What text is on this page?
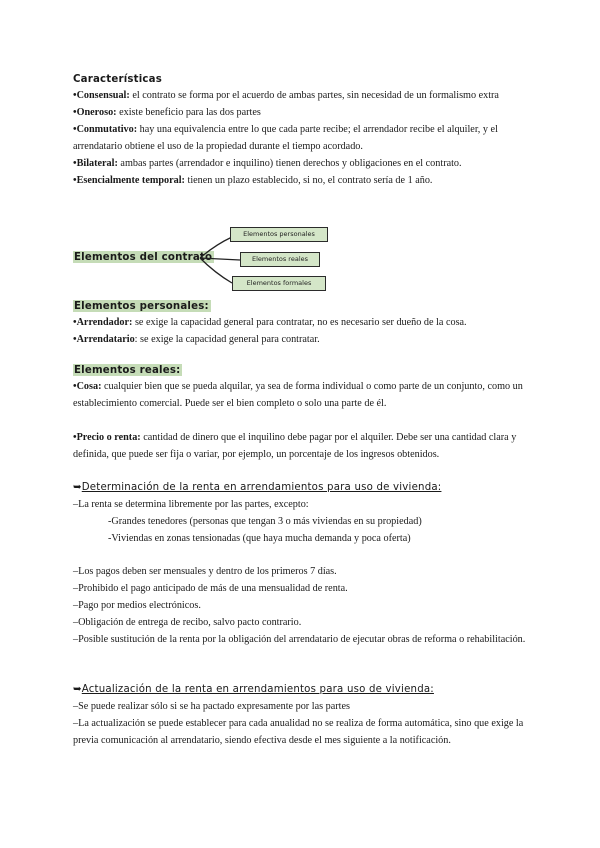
Características
•Consensual: el contrato se forma por el acuerdo de ambas partes, sin necesidad de un formalismo extra
•Oneroso: existe beneficio para las dos partes
•Conmutativo: hay una equivalencia entre lo que cada parte recibe; el arrendador recibe el alquiler, y el arrendatario obtiene el uso de la propiedad durante el tiempo acordado.
•Bilateral: ambas partes (arrendador e inquilino) tienen derechos y obligaciones en el contrato.
•Esencialmente temporal: tienen un plazo establecido, si no, el contrato sería de 1 año.
Elementos del contrato
Elementos personales
Elementos reales
Elementos formales
Elementos personales:
•Arrendador: se exige la capacidad general para contratar, no es necesario ser dueño de la cosa.
•Arrendatario: se exige la capacidad general para contratar.
Elementos reales:
•Cosa: cualquier bien que se pueda alquilar, ya sea de forma individual o como parte de un conjunto, como un establecimiento comercial. Puede ser el bien completo o solo una parte de él.
•Precio o renta: cantidad de dinero que el inquilino debe pagar por el alquiler. Debe ser una cantidad clara y definida, que puede ser fija o variar, por ejemplo, un porcentaje de los ingresos obtenidos.
➥Determinación de la renta en arrendamientos para uso de vivienda:
–La renta se determina libremente por las partes, excepto:
-Grandes tenedores (personas que tengan 3 o más viviendas en su propiedad)
-Viviendas en zonas tensionadas (que haya mucha demanda y poca oferta)
–Los pagos deben ser mensuales y dentro de los primeros 7 días.
–Prohibido el pago anticipado de más de una mensualidad de renta.
–Pago por medios electrónicos.
–Obligación de entrega de recibo, salvo pacto contrario.
–Posible sustitución de la renta por la obligación del arrendatario de ejecutar obras de reforma o rehabilitación.
➥Actualización de la renta en arrendamientos para uso de vivienda:
–Se puede realizar sólo si se ha pactado expresamente por las partes
–La actualización se puede establecer para cada anualidad no se realiza de forma automática, sino que exige la previa comunicación al arrendatario, siendo efectiva desde el mes siguiente a la notificación.
